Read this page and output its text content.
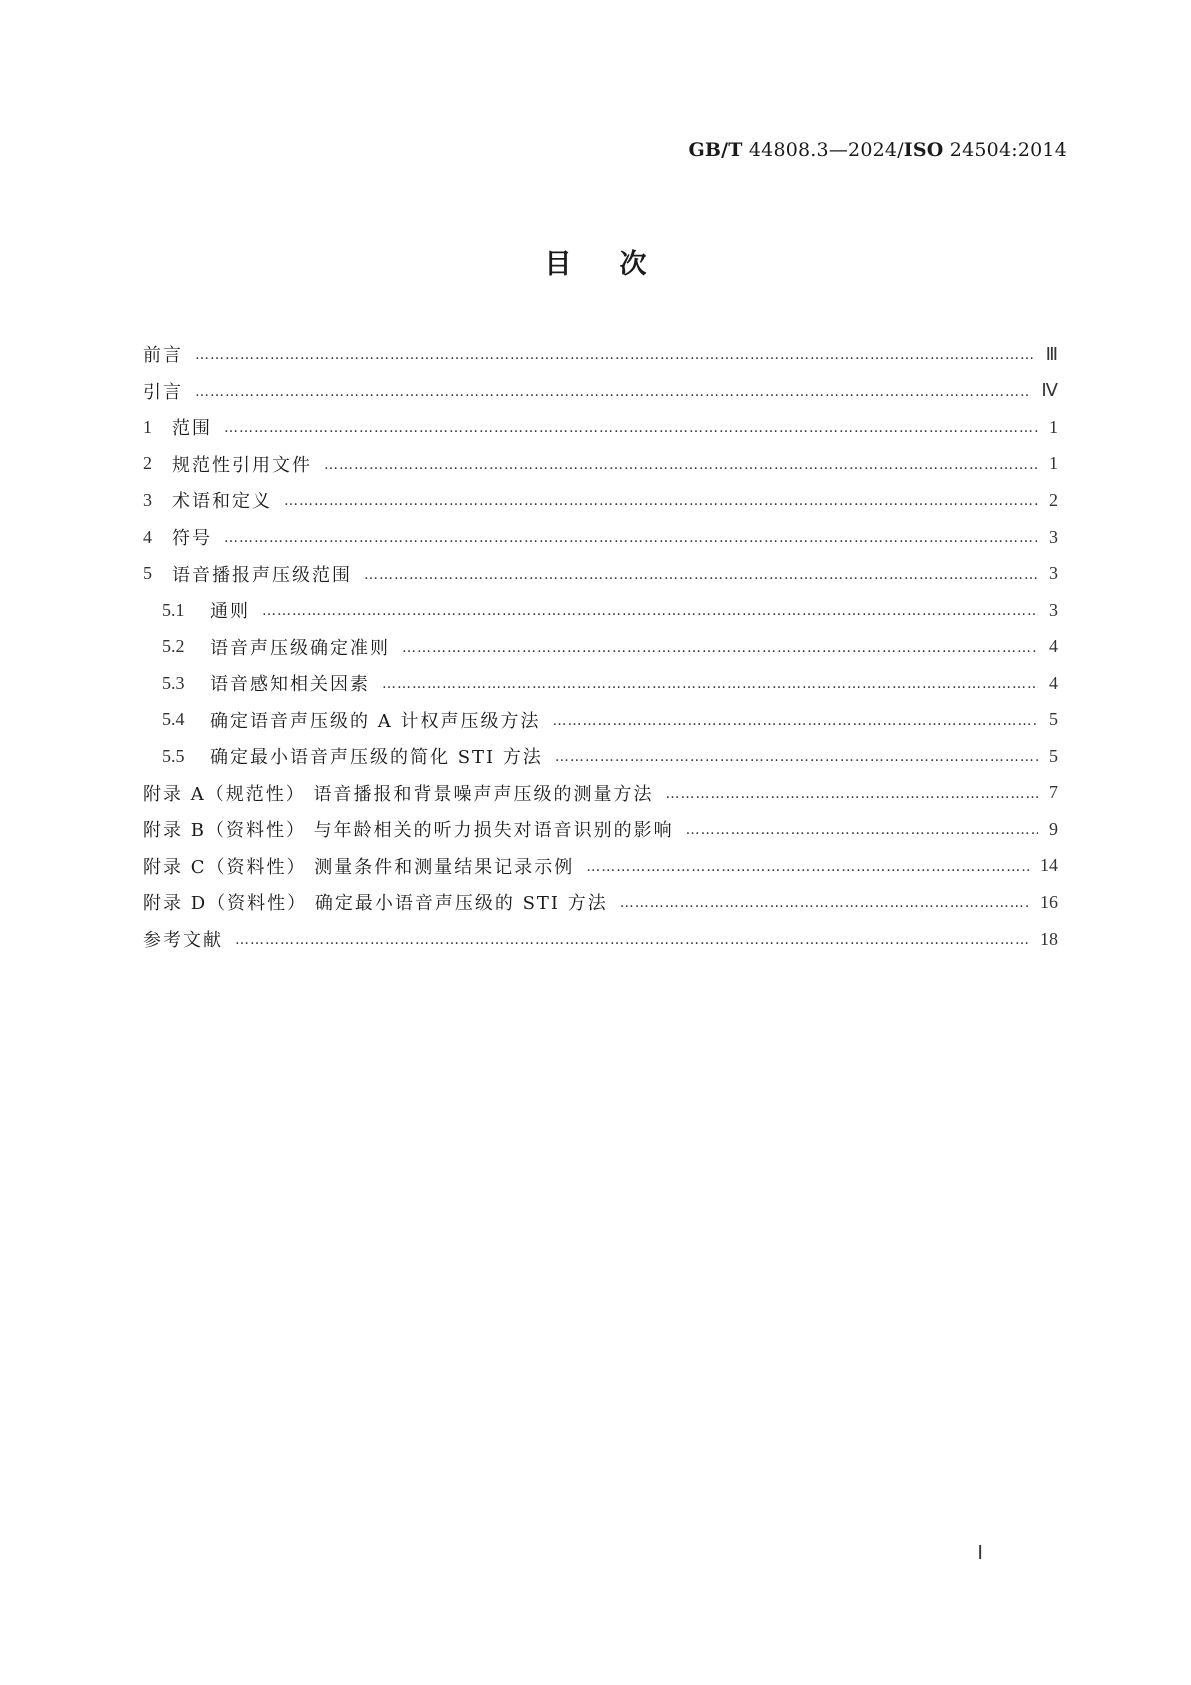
GB/T 44808.3—2024/ISO 24504:2014
目次
前言 ………………………………………………………………………………………………………………………………………………………………………………………………………………………………………………………………	Ⅲ
引言 ………………………………………………………………………………………………………………………………………………………………………………………………………………………………………………………………	Ⅳ
1	范围 ………………………………………………………………………………………………………………………………………………………………………………………………………………………………………………………………	1
2	规范性引用文件 ………………………………………………………………………………………………………………………………………………………………………………………………………………………………………………………………	1
3	术语和定义 ………………………………………………………………………………………………………………………………………………………………………………………………………………………………………………………………	2
4	符号 ………………………………………………………………………………………………………………………………………………………………………………………………………………………………………………………………	3
5	语音播报声压级范围 ………………………………………………………………………………………………………………………………………………………………………………………………………………………………………………………………	3
5.1	通则 ………………………………………………………………………………………………………………………………………………………………………………………………………………………………………………………………	3
5.2	语音声压级确定准则 ………………………………………………………………………………………………………………………………………………………………………………………………………………………………………………………………	4
5.3	语音感知相关因素 ………………………………………………………………………………………………………………………………………………………………………………………………………………………………………………………………	4
5.4	确定语音声压级的 A 计权声压级方法 ………………………………………………………………………………………………………………………………………………………………………………………………………………………………………………………………	5
5.5	确定最小语音声压级的简化 STI 方法 ………………………………………………………………………………………………………………………………………………………………………………………………………………………………………………………………	5
附录 A（规范性） 语音播报和背景噪声声压级的测量方法 ………………………………………………………………………………………………………………………………………………………………………………………………………………………………………………………………	7
附录 B（资料性） 与年龄相关的听力损失对语音识别的影响 ………………………………………………………………………………………………………………………………………………………………………………………………………………………………………………………………	9
附录 C（资料性） 测量条件和测量结果记录示例 ………………………………………………………………………………………………………………………………………………………………………………………………………………………………………………………………	14
附录 D（资料性） 确定最小语音声压级的 STI 方法 ………………………………………………………………………………………………………………………………………………………………………………………………………………………………………………………………	16
参考文献 ………………………………………………………………………………………………………………………………………………………………………………………………………………………………………………………………	18
Ⅰ
